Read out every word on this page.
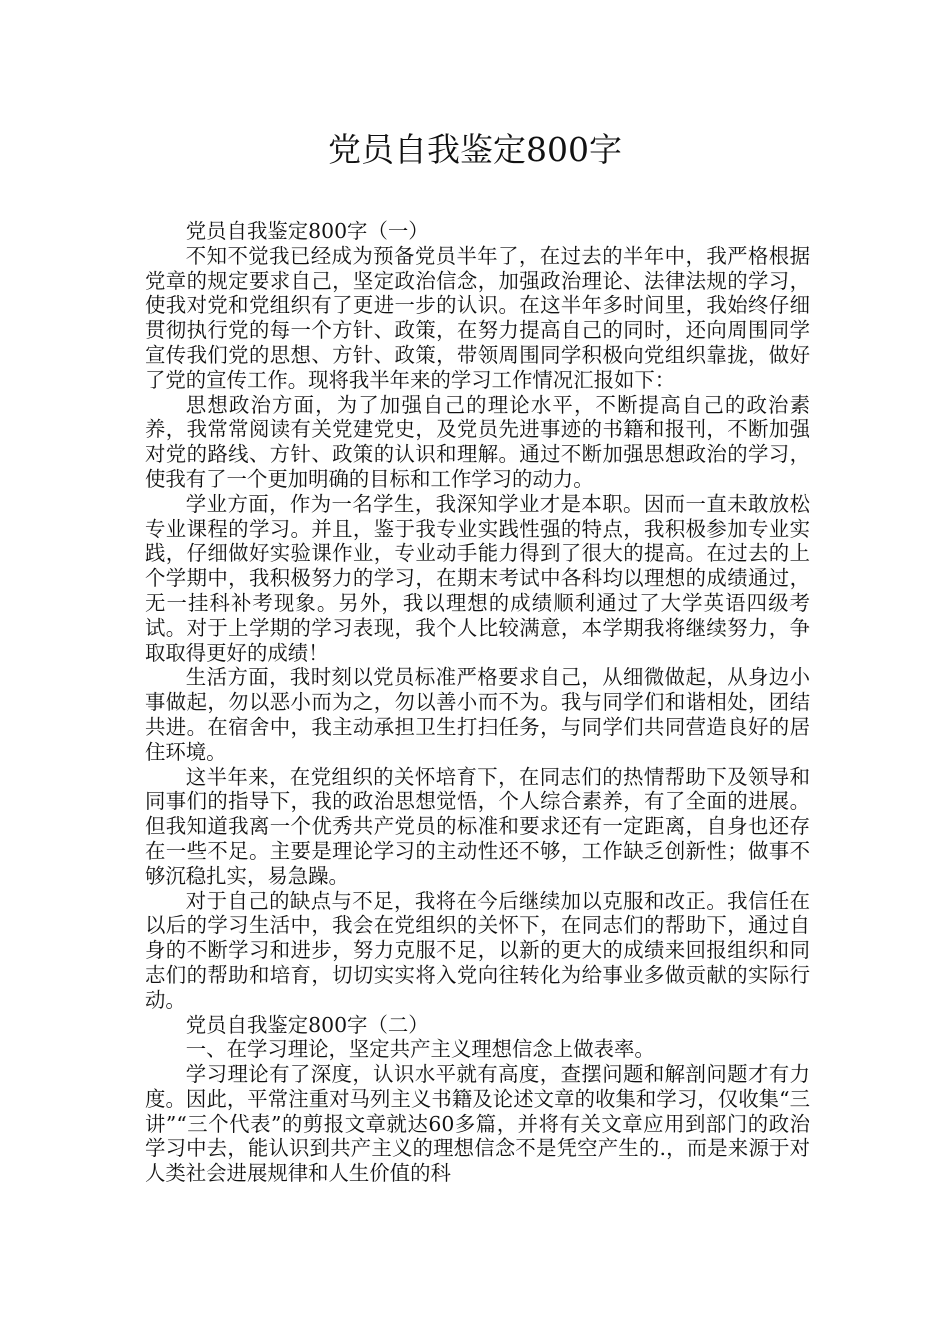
党员自我鉴定800字

党员自我鉴定800字（一）

不知不觉我已经成为预备党员半年了，在过去的半年中，我严格根据党章的规定要求自己，坚定政治信念，加强政治理论、法律法规的学习，使我对党和党组织有了更进一步的认识。在这半年多时间里，我始终仔细贯彻执行党的每一个方针、政策，在努力提高自己的同时，还向周围同学宣传我们党的思想、方针、政策，带领周围同学积极向党组织靠拢，做好了党的宣传工作。现将我半年来的学习工作情况汇报如下：

思想政治方面，为了加强自己的理论水平，不断提高自己的政治素养，我常常阅读有关党建党史，及党员先进事迹的书籍和报刊，不断加强对党的路线、方针、政策的认识和理解。通过不断加强思想政治的学习，使我有了一个更加明确的目标和工作学习的动力。

学业方面，作为一名学生，我深知学业才是本职。因而一直未敢放松专业课程的学习。并且，鉴于我专业实践性强的特点，我积极参加专业实践，仔细做好实验课作业，专业动手能力得到了很大的提高。在过去的上个学期中，我积极努力的学习，在期末考试中各科均以理想的成绩通过，无一挂科补考现象。另外，我以理想的成绩顺利通过了大学英语四级考试。对于上学期的学习表现，我个人比较满意，本学期我将继续努力，争取取得更好的成绩！

生活方面，我时刻以党员标准严格要求自己，从细微做起，从身边小事做起，勿以恶小而为之，勿以善小而不为。我与同学们和谐相处，团结共进。在宿舍中，我主动承担卫生打扫任务，与同学们共同营造良好的居住环境。

这半年来，在党组织的关怀培育下，在同志们的热情帮助下及领导和同事们的指导下，我的政治思想觉悟，个人综合素养，有了全面的进展。但我知道我离一个优秀共产党员的标准和要求还有一定距离，自身也还存在一些不足。主要是理论学习的主动性还不够，工作缺乏创新性；做事不够沉稳扎实，易急躁。

对于自己的缺点与不足，我将在今后继续加以克服和改正。我信任在以后的学习生活中，我会在党组织的关怀下，在同志们的帮助下，通过自身的不断学习和进步，努力克服不足，以新的更大的成绩来回报组织和同志们的帮助和培育，切切实实将入党向往转化为给事业多做贡献的实际行动。

党员自我鉴定800字（二）

一、在学习理论，坚定共产主义理想信念上做表率。

学习理论有了深度，认识水平就有高度，查摆问题和解剖问题才有力度。因此，平常注重对马列主义书籍及论述文章的收集和学习，仅收集“三讲”“三个代表”的剪报文章就达60多篇，并将有关文章应用到部门的政治学习中去，能认识到共产主义的理想信念不是凭空产生的.，而是来源于对人类社会进展规律和人生价值的科
